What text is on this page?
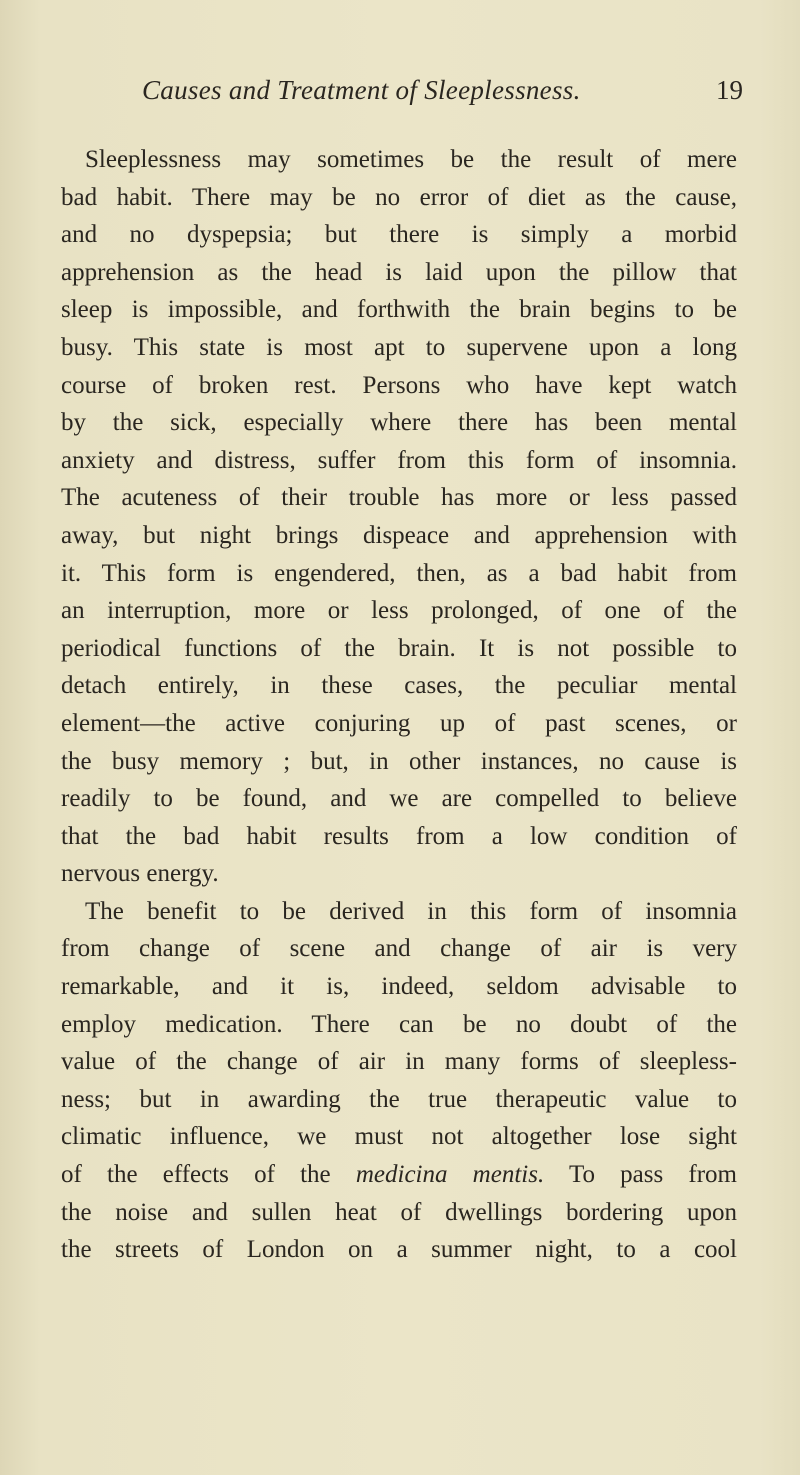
Causes and Treatment of Sleeplessness.	19
Sleeplessness may sometimes be the result of mere
bad habit. There may be no error of diet as the cause,
and no dyspepsia; but there is simply a morbid
apprehension as the head is laid upon the pillow that
sleep is impossible, and forthwith the brain begins to be
busy. This state is most apt to supervene upon a long
course of broken rest. Persons who have kept watch
by the sick, especially where there has been mental
anxiety and distress, suffer from this form of insomnia.
The acuteness of their trouble has more or less passed
away, but night brings dispeace and apprehension with
it. This form is engendered, then, as a bad habit from
an interruption, more or less prolonged, of one of the
periodical functions of the brain. It is not possible to
detach entirely, in these cases, the peculiar mental
element—the active conjuring up of past scenes, or
the busy memory ; but, in other instances, no cause is
readily to be found, and we are compelled to believe
that the bad habit results from a low condition of
nervous energy.
The benefit to be derived in this form of insomnia
from change of scene and change of air is very
remarkable, and it is, indeed, seldom advisable to
employ medication. There can be no doubt of the
value of the change of air in many forms of sleepless-
ness; but in awarding the true therapeutic value to
climatic influence, we must not altogether lose sight
of the effects of the medicina mentis. To pass from
the noise and sullen heat of dwellings bordering upon
the streets of London on a summer night, to a cool
